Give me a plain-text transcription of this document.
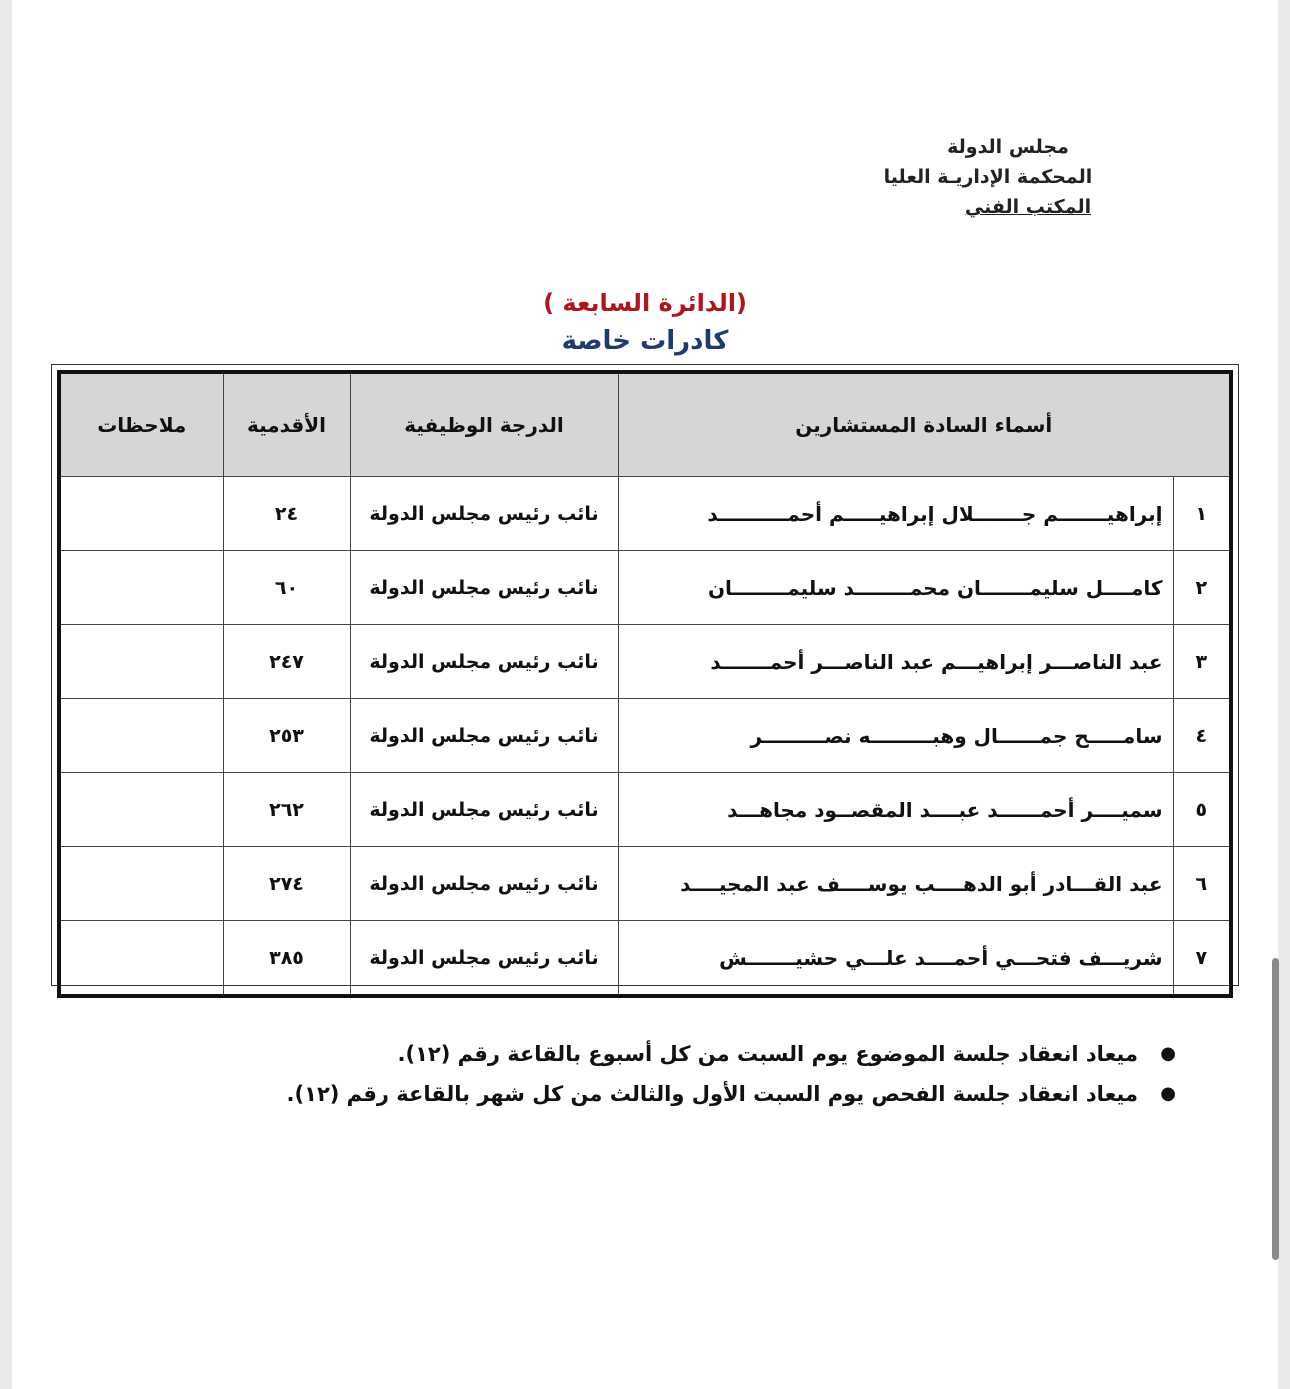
مجلس الدولة
المحكمة الإداريـة العليا
المكتب الفني
(الدائرة السابعة )
كادرات خاصة
أسماء السادة المستشارين		الدرجة الوظيفية	الأقدمية	ملاحظات
١	إبراهيـــــــم جـــــــلال إبراهيـــــم أحمــــــــــد	نائب رئيس مجلس الدولة	٢٤	
٢	كامــــل سليمـــــــان محمــــــــد سليمــــــــان	نائب رئيس مجلس الدولة	٦٠	
٣	عبد الناصـــر إبراهيـــم عبد الناصـــر أحمـــــــد	نائب رئيس مجلس الدولة	٢٤٧	
٤	سامـــــح جمــــــال وهبـــــــــه نصـــــــــر	نائب رئيس مجلس الدولة	٢٥٣	
٥	سميــــر أحمــــــد عبــــد المقصــود مجاهـــد	نائب رئيس مجلس الدولة	٢٦٢	
٦	عبد القـــادر أبو الدهــــب يوســــف عبد المجيــــد	نائب رئيس مجلس الدولة	٢٧٤	
٧	شريـــف فتحـــي أحمــــد علـــي حشيـــــــش	نائب رئيس مجلس الدولة	٣٨٥	
●
ميعاد انعقاد جلسة الموضوع يوم السبت من كل أسبوع بالقاعة رقم (١٢).
●
ميعاد انعقاد جلسة الفحص يوم السبت الأول والثالث من كل شهر بالقاعة رقم (١٢).
